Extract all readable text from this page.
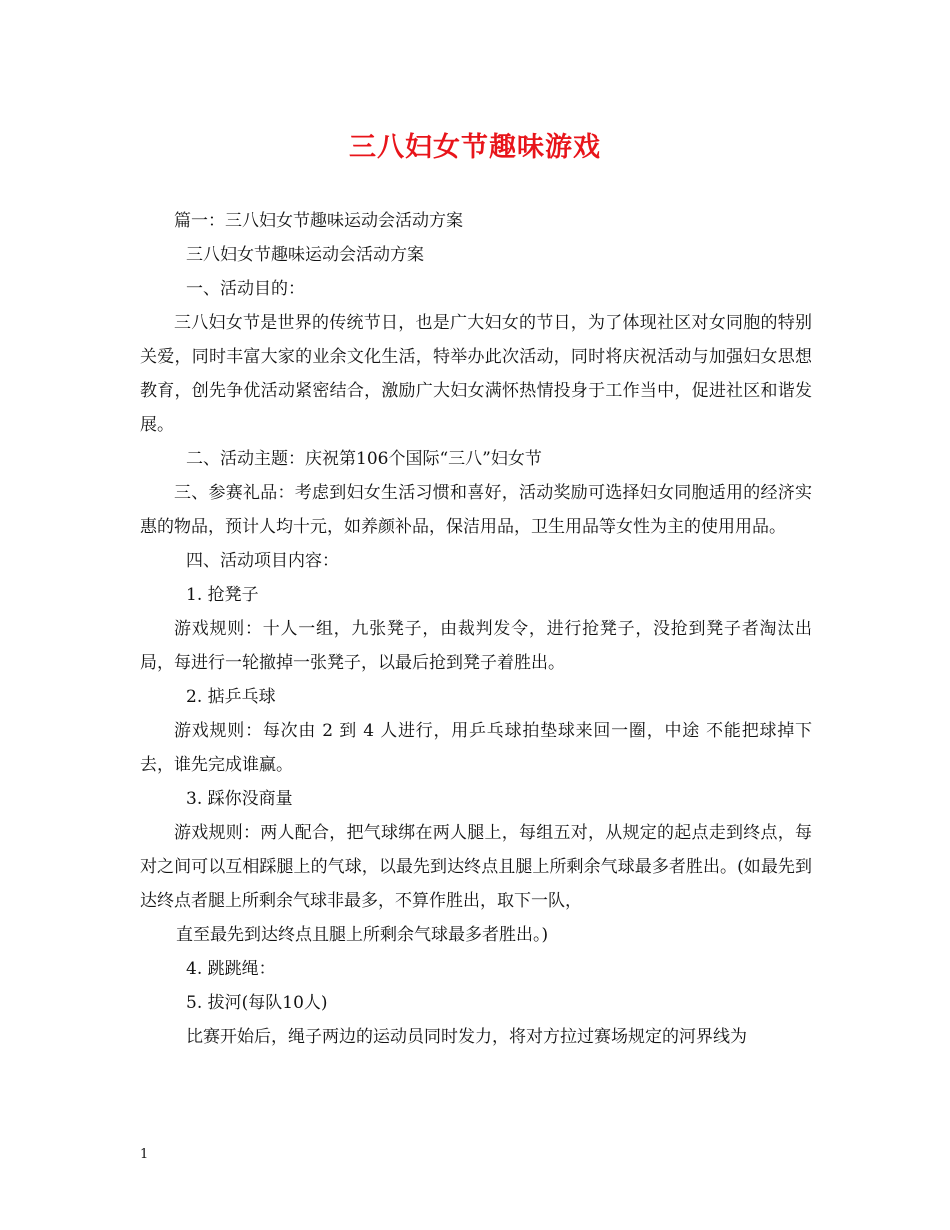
三八妇女节趣味游戏
篇一：三八妇女节趣味运动会活动方案
三八妇女节趣味运动会活动方案
一、活动目的：
三八妇女节是世界的传统节日，也是广大妇女的节日，为了体现社区对女同胞的特别关爱，同时丰富大家的业余文化生活，特举办此次活动，同时将庆祝活动与加强妇女思想教育，创先争优活动紧密结合，激励广大妇女满怀热情投身于工作当中，促进社区和谐发展。
二、活动主题：庆祝第106个国际“三八”妇女节
三、参赛礼品：考虑到妇女生活习惯和喜好，活动奖励可选择妇女同胞适用的经济实惠的物品，预计人均十元，如养颜补品，保洁用品，卫生用品等女性为主的使用用品。
四、活动项目内容：
1. 抢凳子
游戏规则：十人一组，九张凳子，由裁判发令，进行抢凳子，没抢到凳子者淘汰出局，每进行一轮撤掉一张凳子，以最后抢到凳子着胜出。
2. 掂乒乓球
游戏规则：每次由 2 到 4 人进行，用乒乓球拍垫球来回一圈，中途 不能把球掉下去，谁先完成谁赢。
3. 踩你没商量
游戏规则：两人配合，把气球绑在两人腿上，每组五对，从规定的起点走到终点，每对之间可以互相踩腿上的气球，以最先到达终点且腿上所剩余气球最多者胜出。(如最先到达终点者腿上所剩余气球非最多，不算作胜出，取下一队，
直至最先到达终点且腿上所剩余气球最多者胜出。)
4. 跳跳绳：
5. 拔河(每队10人)
比赛开始后，绳子两边的运动员同时发力，将对方拉过赛场规定的河界线为
1
